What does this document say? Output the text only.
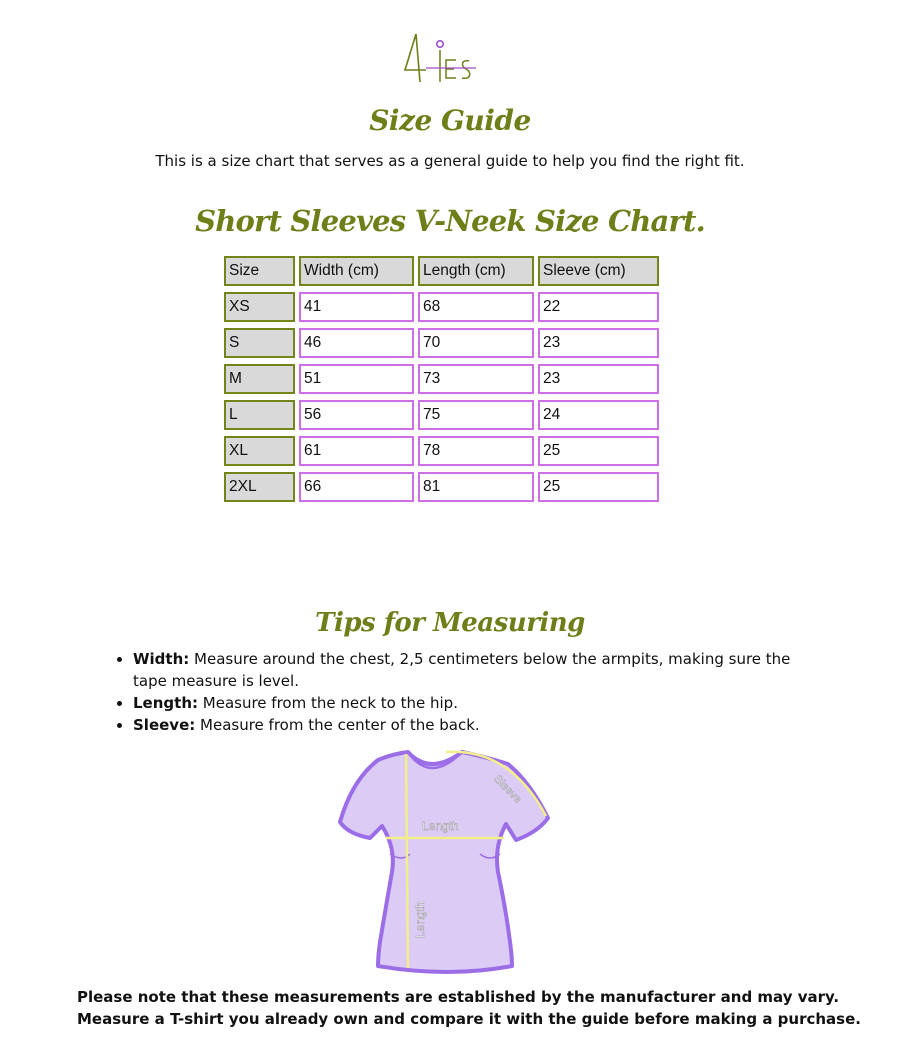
Size Guide
This is a size chart that serves as a general guide to help you find the right fit.
Short Sleeves V-Neek Size Chart.
Size	Width (cm)	Length (cm)	Sleeve (cm)
XS	41	68	22
S	46	70	23
M	51	73	23
L	56	75	24
XL	61	78	25
2XL	66	81	25
Tips for Measuring
• Width: Measure around the chest, 2,5 centimeters below the armpits, making sure the tape measure is level.
• Length: Measure from the neck to the hip.
• Sleeve: Measure from the center of the back.
Sleeve
Length
Length
Please note that these measurements are established by the manufacturer and may vary.
Measure a T-shirt you already own and compare it with the guide before making a purchase.
